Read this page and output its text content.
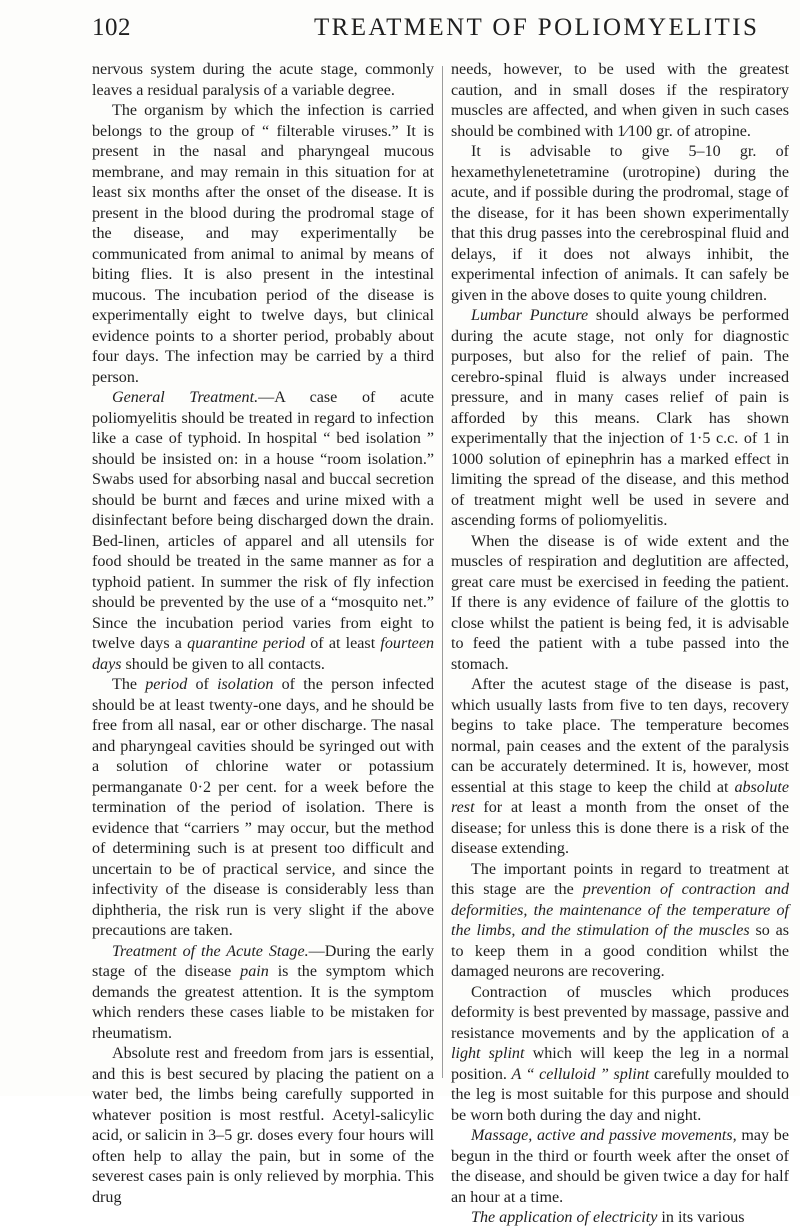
102	TREATMENT OF POLIOMYELITIS

nervous system during the acute stage, commonly leaves a residual paralysis of a variable degree.

The organism by which the infection is carried belongs to the group of “ filterable viruses.” It is present in the nasal and pharyngeal mucous membrane, and may remain in this situation for at least six months after the onset of the disease. It is present in the blood during the prodromal stage of the disease, and may experimentally be communicated from animal to animal by means of biting flies. It is also present in the intestinal mucous. The incubation period of the disease is experimentally eight to twelve days, but clinical evidence points to a shorter period, probably about four days. The infection may be carried by a third person.

General Treatment.—A case of acute poliomyelitis should be treated in regard to infection like a case of typhoid. In hospital “ bed isolation ” should be insisted on: in a house “room isolation.” Swabs used for absorbing nasal and buccal secretion should be burnt and fæces and urine mixed with a disinfectant before being discharged down the drain. Bed-linen, articles of apparel and all utensils for food should be treated in the same manner as for a typhoid patient. In summer the risk of fly infection should be prevented by the use of a “mosquito net.” Since the incubation period varies from eight to twelve days a quarantine period of at least fourteen days should be given to all contacts.

The period of isolation of the person infected should be at least twenty-one days, and he should be free from all nasal, ear or other discharge. The nasal and pharyngeal cavities should be syringed out with a solution of chlorine water or potassium permanganate 0·2 per cent. for a week before the termination of the period of isolation. There is evidence that “carriers ” may occur, but the method of determining such is at present too difficult and uncertain to be of practical service, and since the infectivity of the disease is considerably less than diphtheria, the risk run is very slight if the above precautions are taken.

Treatment of the Acute Stage.—During the early stage of the disease pain is the symptom which demands the greatest attention. It is the symptom which renders these cases liable to be mistaken for rheumatism.

Absolute rest and freedom from jars is essential, and this is best secured by placing the patient on a water bed, the limbs being carefully supported in whatever position is most restful. Acetyl-salicylic acid, or salicin in 3–5 gr. doses every four hours will often help to allay the pain, but in some of the severest cases pain is only relieved by morphia. This drug

needs, however, to be used with the greatest caution, and in small doses if the respiratory muscles are affected, and when given in such cases should be combined with 1⁄100 gr. of atropine.

It is advisable to give 5–10 gr. of hexamethylenetetramine (urotropine) during the acute, and if possible during the prodromal, stage of the disease, for it has been shown experimentally that this drug passes into the cerebrospinal fluid and delays, if it does not always inhibit, the experimental infection of animals. It can safely be given in the above doses to quite young children.

Lumbar Puncture should always be performed during the acute stage, not only for diagnostic purposes, but also for the relief of pain. The cerebro-spinal fluid is always under increased pressure, and in many cases relief of pain is afforded by this means. Clark has shown experimentally that the injection of 1·5 c.c. of 1 in 1000 solution of epinephrin has a marked effect in limiting the spread of the disease, and this method of treatment might well be used in severe and ascending forms of poliomyelitis.

When the disease is of wide extent and the muscles of respiration and deglutition are affected, great care must be exercised in feeding the patient. If there is any evidence of failure of the glottis to close whilst the patient is being fed, it is advisable to feed the patient with a tube passed into the stomach.

After the acutest stage of the disease is past, which usually lasts from five to ten days, recovery begins to take place. The temperature becomes normal, pain ceases and the extent of the paralysis can be accurately determined. It is, however, most essential at this stage to keep the child at absolute rest for at least a month from the onset of the disease; for unless this is done there is a risk of the disease extending.

The important points in regard to treatment at this stage are the prevention of contraction and deformities, the maintenance of the temperature of the limbs, and the stimulation of the muscles so as to keep them in a good condition whilst the damaged neurons are recovering.

Contraction of muscles which produces deformity is best prevented by massage, passive and resistance movements and by the application of a light splint which will keep the leg in a normal position. A “ celluloid ” splint carefully moulded to the leg is most suitable for this purpose and should be worn both during the day and night.

Massage, active and passive movements, may be begun in the third or fourth week after the onset of the disease, and should be given twice a day for half an hour at a time.

The application of electricity in its various
